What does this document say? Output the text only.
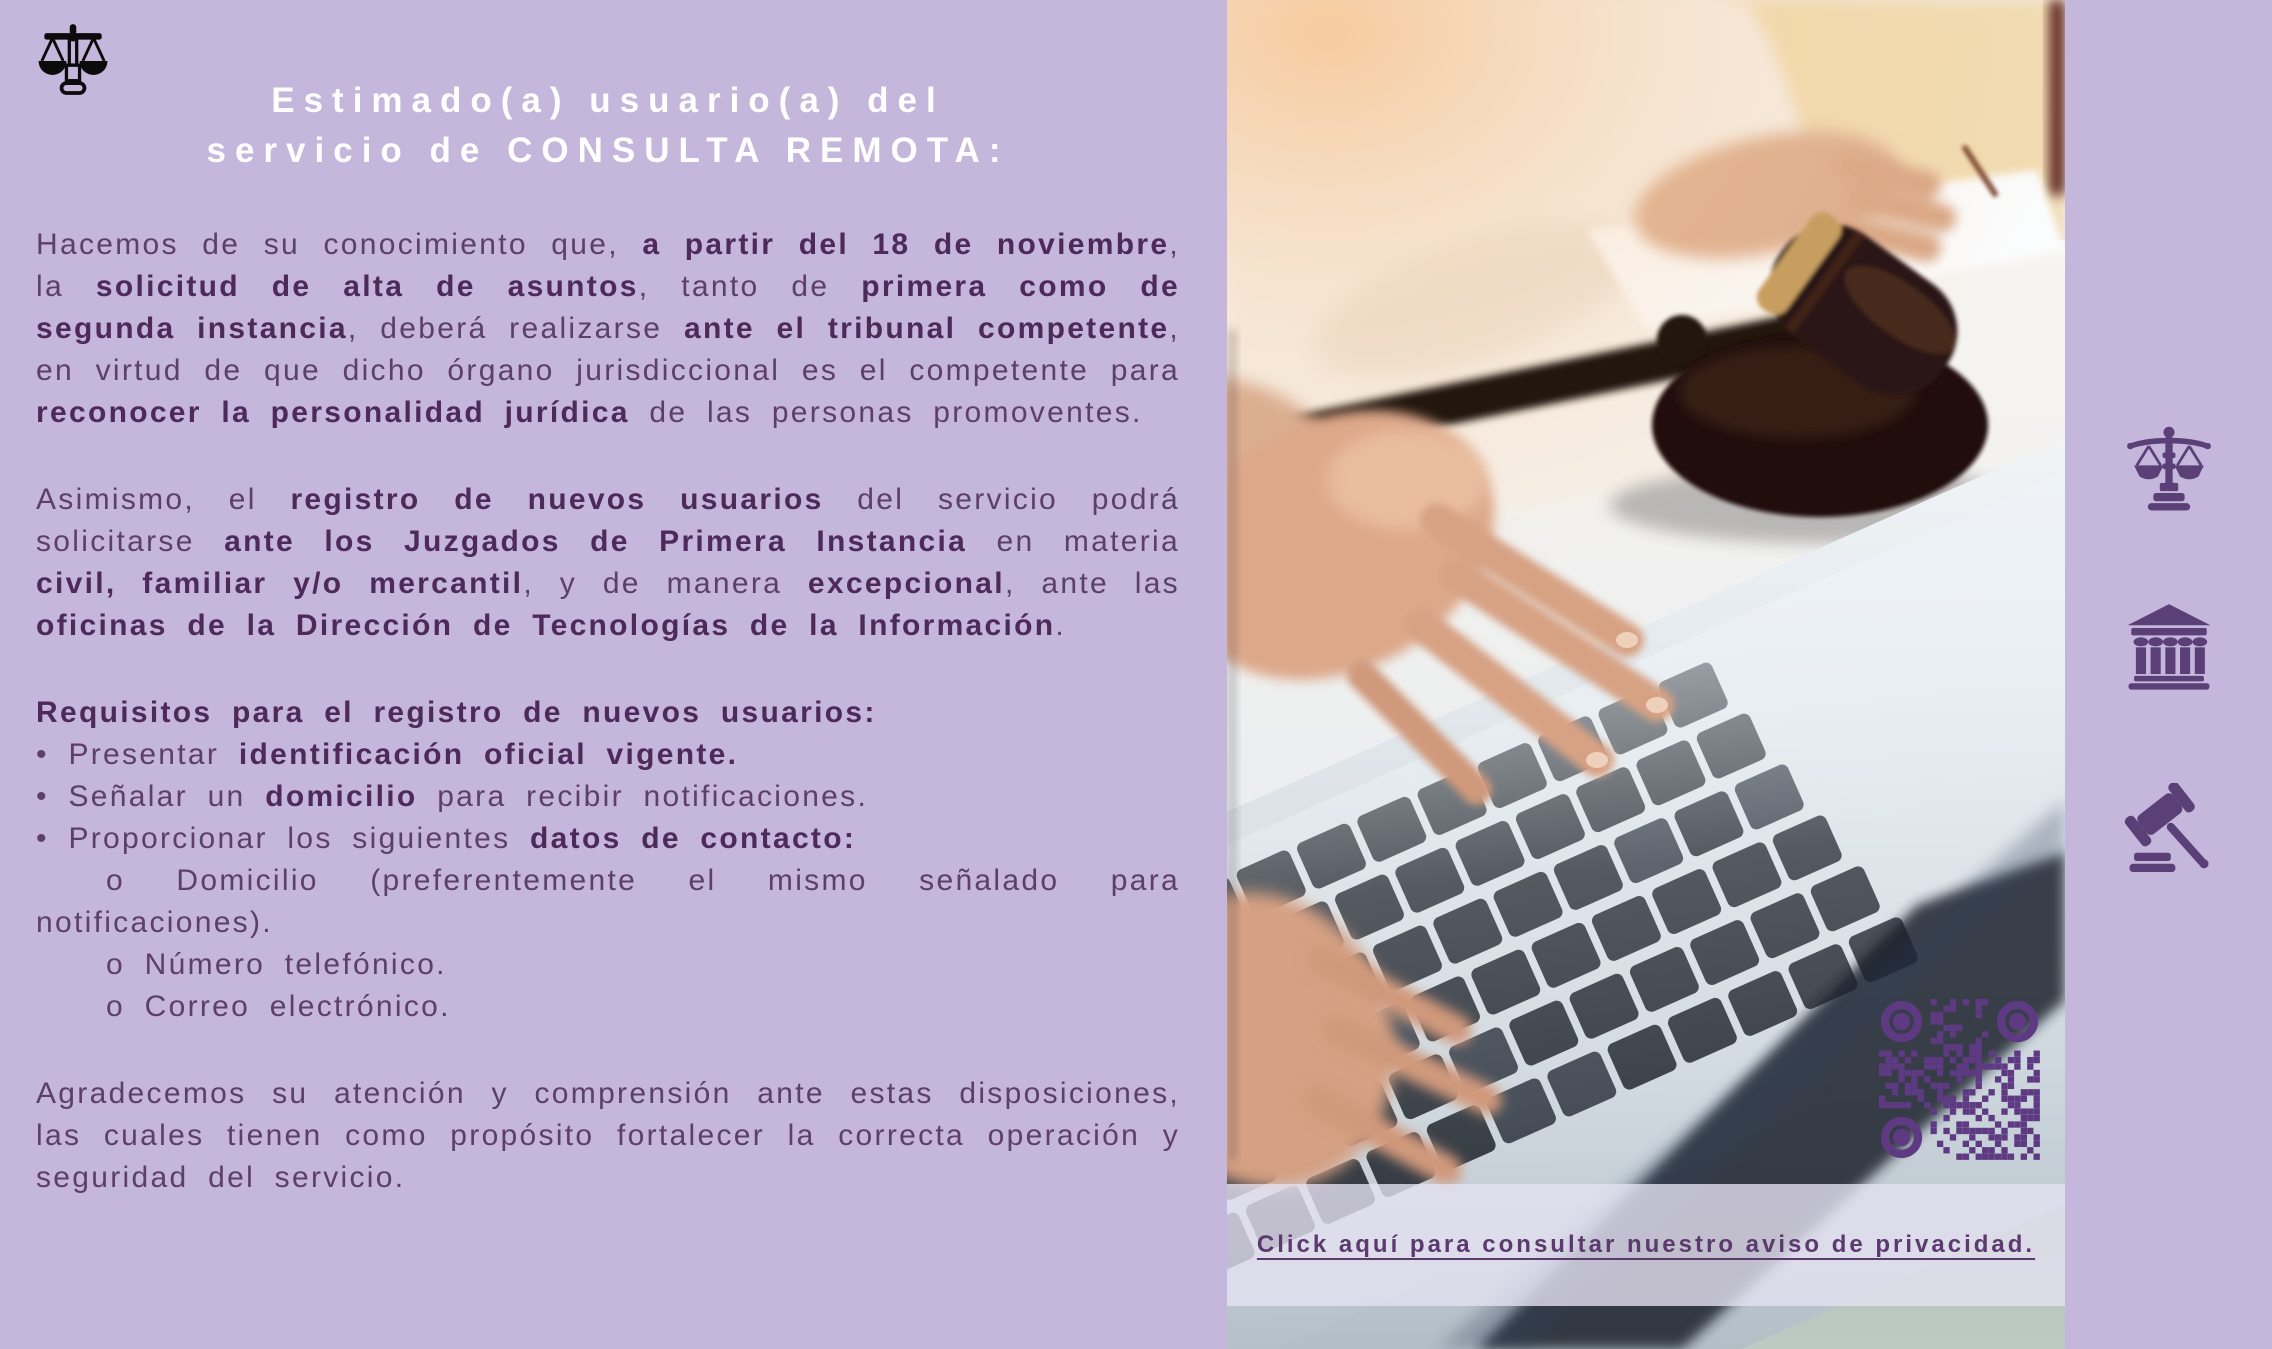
Estimado(a) usuario(a) del
servicio de CONSULTA REMOTA:

Hacemos de su conocimiento que, a partir del 18 de noviembre, la solicitud de alta de asuntos, tanto de primera como de segunda instancia, deberá realizarse ante el tribunal competente, en virtud de que dicho órgano jurisdiccional es el competente para reconocer la personalidad jurídica de las personas promoventes.

Asimismo, el registro de nuevos usuarios del servicio podrá solicitarse ante los Juzgados de Primera Instancia en materia civil, familiar y/o mercantil, y de manera excepcional, ante las oficinas de la Dirección de Tecnologías de la Información.

Requisitos para el registro de nuevos usuarios:

• Presentar identificación oficial vigente.

• Señalar un domicilio para recibir notificaciones.

• Proporcionar los siguientes datos de contacto:

o Domicilio (preferentemente el mismo señalado para notificaciones).

o Número telefónico.

o Correo electrónico.

Agradecemos su atención y comprensión ante estas disposiciones, las cuales tienen como propósito fortalecer la correcta operación y seguridad del servicio.

Click aquí para consultar nuestro aviso de privacidad.
